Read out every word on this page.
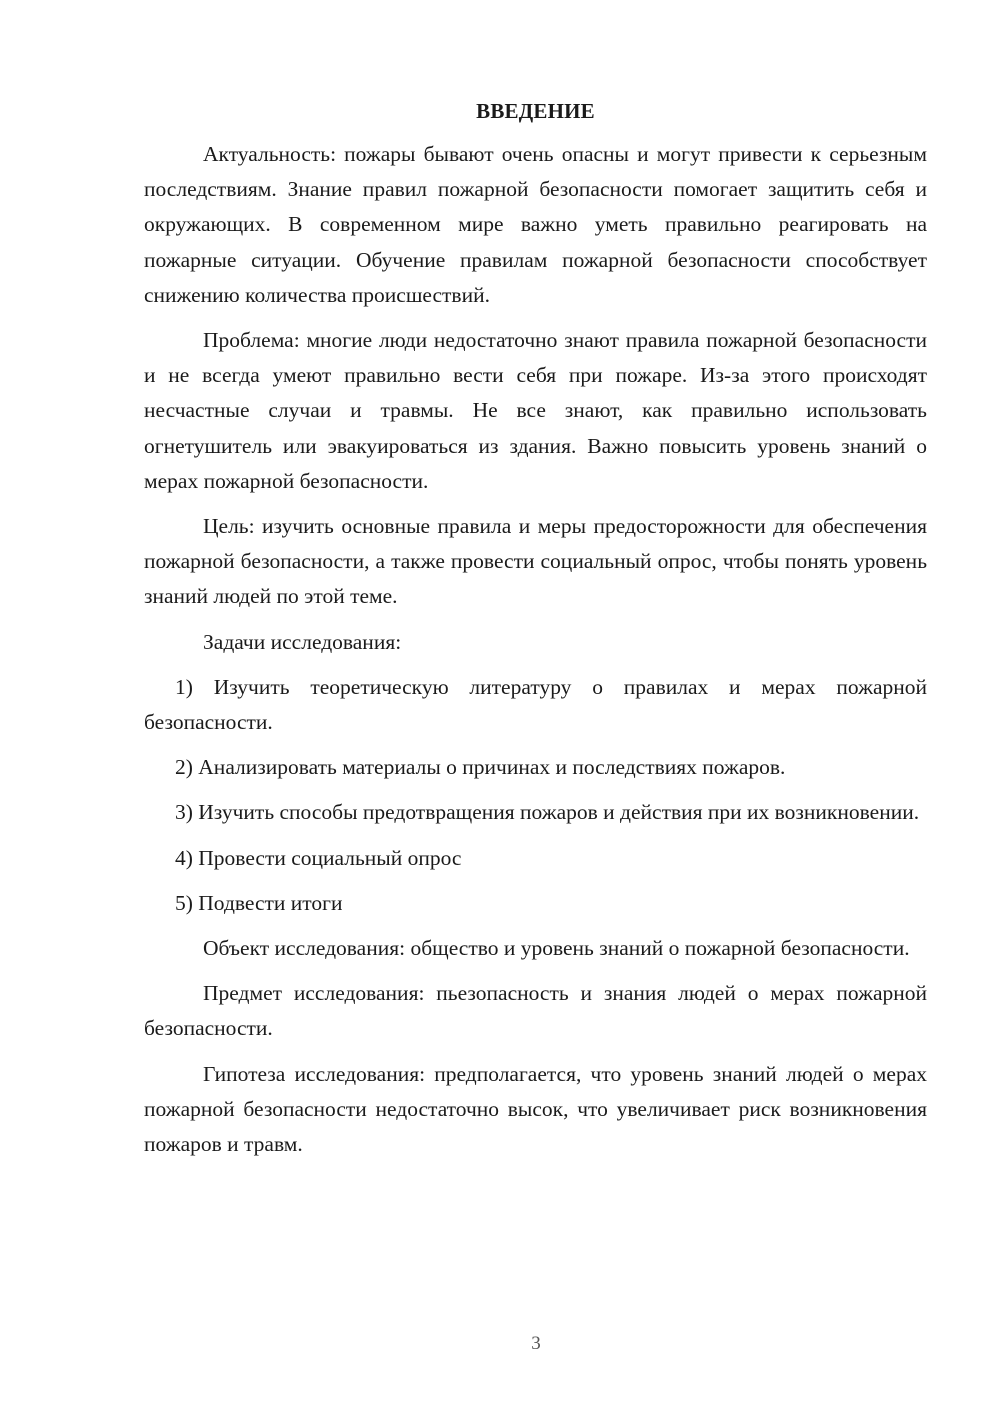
ВВЕДЕНИЕ

Актуальность: пожары бывают очень опасны и могут привести к серьезным последствиям. Знание правил пожарной безопасности помогает защитить себя и окружающих. В современном мире важно уметь правильно реагировать на пожарные ситуации. Обучение правилам пожарной безопасности способствует снижению количества происшествий.

Проблема: многие люди недостаточно знают правила пожарной безопасности и не всегда умеют правильно вести себя при пожаре. Из-за этого происходят несчастные случаи и травмы. Не все знают, как правильно использовать огнетушитель или эвакуироваться из здания. Важно повысить уровень знаний о мерах пожарной безопасности.

Цель: изучить основные правила и меры предосторожности для обеспечения пожарной безопасности, а также провести социальный опрос, чтобы понять уровень знаний людей по этой теме.

Задачи исследования:

1) Изучить теоретическую литературу о правилах и мерах пожарной безопасности.

2) Анализировать материалы о причинах и последствиях пожаров.

3) Изучить способы предотвращения пожаров и действия при их возникновении.

4) Провести социальный опрос

5) Подвести итоги

Объект исследования: общество и уровень знаний о пожарной безопасности.

Предмет исследования: пьезопасность и знания людей о мерах пожарной безопасности.

Гипотеза исследования: предполагается, что уровень знаний людей о мерах пожарной безопасности недостаточно высок, что увеличивает риск возникновения пожаров и травм.

3
